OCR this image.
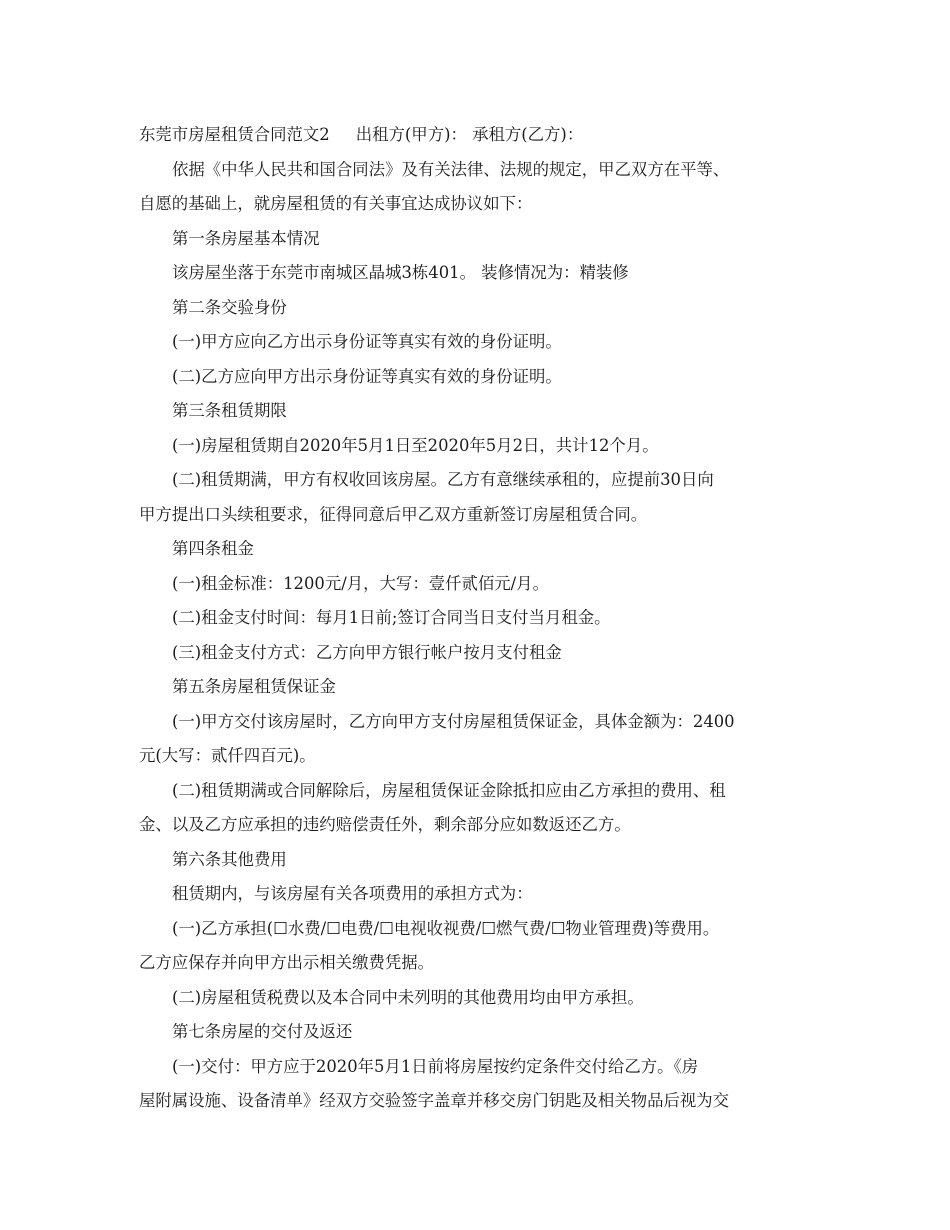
东莞市房屋租赁合同范文2 出租方(甲方)： 承租方(乙方)：
依据《中华人民共和国合同法》及有关法律、法规的规定，甲乙双方在平等、
自愿的基础上，就房屋租赁的有关事宜达成协议如下：
第一条房屋基本情况
该房屋坐落于东莞市南城区晶城3栋401。 装修情况为：精装修
第二条交验身份
(一)甲方应向乙方出示身份证等真实有效的身份证明。
(二)乙方应向甲方出示身份证等真实有效的身份证明。
第三条租赁期限
(一)房屋租赁期自2020年5月1日至2020年5月2日，共计12个月。
(二)租赁期满，甲方有权收回该房屋。乙方有意继续承租的，应提前30日向
甲方提出口头续租要求，征得同意后甲乙双方重新签订房屋租赁合同。
第四条租金
(一)租金标准：1200元/月，大写：壹仟贰佰元/月。
(二)租金支付时间：每月1日前;签订合同当日支付当月租金。
(三)租金支付方式：乙方向甲方银行帐户按月支付租金
第五条房屋租赁保证金
(一)甲方交付该房屋时，乙方向甲方支付房屋租赁保证金，具体金额为：2400
元(大写：贰仟四百元)。
(二)租赁期满或合同解除后，房屋租赁保证金除抵扣应由乙方承担的费用、租
金、以及乙方应承担的违约赔偿责任外，剩余部分应如数返还乙方。
第六条其他费用
租赁期内，与该房屋有关各项费用的承担方式为：
(一)乙方承担(☐水费/☐电费/☐电视收视费/☐燃气费/☐物业管理费)等费用。
乙方应保存并向甲方出示相关缴费凭据。
(二)房屋租赁税费以及本合同中未列明的其他费用均由甲方承担。
第七条房屋的交付及返还
(一)交付：甲方应于2020年5月1日前将房屋按约定条件交付给乙方。《房
屋附属设施、设备清单》经双方交验签字盖章并移交房门钥匙及相关物品后视为交
